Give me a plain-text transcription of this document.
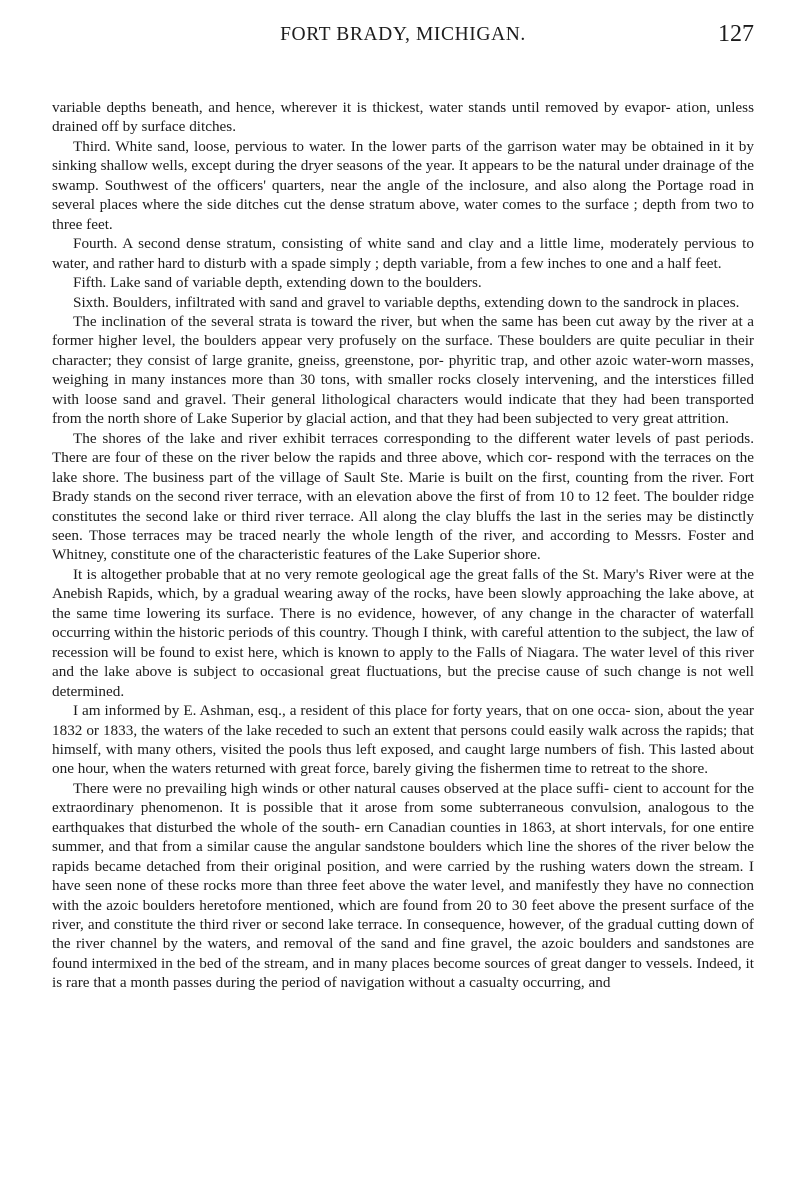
FORT BRADY, MICHIGAN.	127

variable depths beneath, and hence, wherever it is thickest, water stands until removed by evapor- ation, unless drained off by surface ditches.

Third. White sand, loose, pervious to water. In the lower parts of the garrison water may be obtained in it by sinking shallow wells, except during the dryer seasons of the year. It appears to be the natural under drainage of the swamp. Southwest of the officers' quarters, near the angle of the inclosure, and also along the Portage road in several places where the side ditches cut the dense stratum above, water comes to the surface ; depth from two to three feet.

Fourth. A second dense stratum, consisting of white sand and clay and a little lime, moderately pervious to water, and rather hard to disturb with a spade simply ; depth variable, from a few inches to one and a half feet.

Fifth. Lake sand of variable depth, extending down to the boulders.

Sixth. Boulders, infiltrated with sand and gravel to variable depths, extending down to the sandrock in places.

The inclination of the several strata is toward the river, but when the same has been cut away by the river at a former higher level, the boulders appear very profusely on the surface. These boulders are quite peculiar in their character; they consist of large granite, gneiss, greenstone, por- phyritic trap, and other azoic water-worn masses, weighing in many instances more than 30 tons, with smaller rocks closely intervening, and the interstices filled with loose sand and gravel. Their general lithological characters would indicate that they had been transported from the north shore of Lake Superior by glacial action, and that they had been subjected to very great attrition.

The shores of the lake and river exhibit terraces corresponding to the different water levels of past periods. There are four of these on the river below the rapids and three above, which cor- respond with the terraces on the lake shore. The business part of the village of Sault Ste. Marie is built on the first, counting from the river. Fort Brady stands on the second river terrace, with an elevation above the first of from 10 to 12 feet. The boulder ridge constitutes the second lake or third river terrace. All along the clay bluffs the last in the series may be distinctly seen. Those terraces may be traced nearly the whole length of the river, and according to Messrs. Foster and Whitney, constitute one of the characteristic features of the Lake Superior shore.

It is altogether probable that at no very remote geological age the great falls of the St. Mary's River were at the Anebish Rapids, which, by a gradual wearing away of the rocks, have been slowly approaching the lake above, at the same time lowering its surface. There is no evidence, however, of any change in the character of waterfall occurring within the historic periods of this country. Though I think, with careful attention to the subject, the law of recession will be found to exist here, which is known to apply to the Falls of Niagara. The water level of this river and the lake above is subject to occasional great fluctuations, but the precise cause of such change is not well determined.

I am informed by E. Ashman, esq., a resident of this place for forty years, that on one occa- sion, about the year 1832 or 1833, the waters of the lake receded to such an extent that persons could easily walk across the rapids; that himself, with many others, visited the pools thus left exposed, and caught large numbers of fish. This lasted about one hour, when the waters returned with great force, barely giving the fishermen time to retreat to the shore.

There were no prevailing high winds or other natural causes observed at the place suffi- cient to account for the extraordinary phenomenon. It is possible that it arose from some subterraneous convulsion, analogous to the earthquakes that disturbed the whole of the south- ern Canadian counties in 1863, at short intervals, for one entire summer, and that from a similar cause the angular sandstone boulders which line the shores of the river below the rapids became detached from their original position, and were carried by the rushing waters down the stream. I have seen none of these rocks more than three feet above the water level, and manifestly they have no connection with the azoic boulders heretofore mentioned, which are found from 20 to 30 feet above the present surface of the river, and constitute the third river or second lake terrace. In consequence, however, of the gradual cutting down of the river channel by the waters, and removal of the sand and fine gravel, the azoic boulders and sandstones are found intermixed in the bed of the stream, and in many places become sources of great danger to vessels. Indeed, it is rare that a month passes during the period of navigation without a casualty occurring, and
